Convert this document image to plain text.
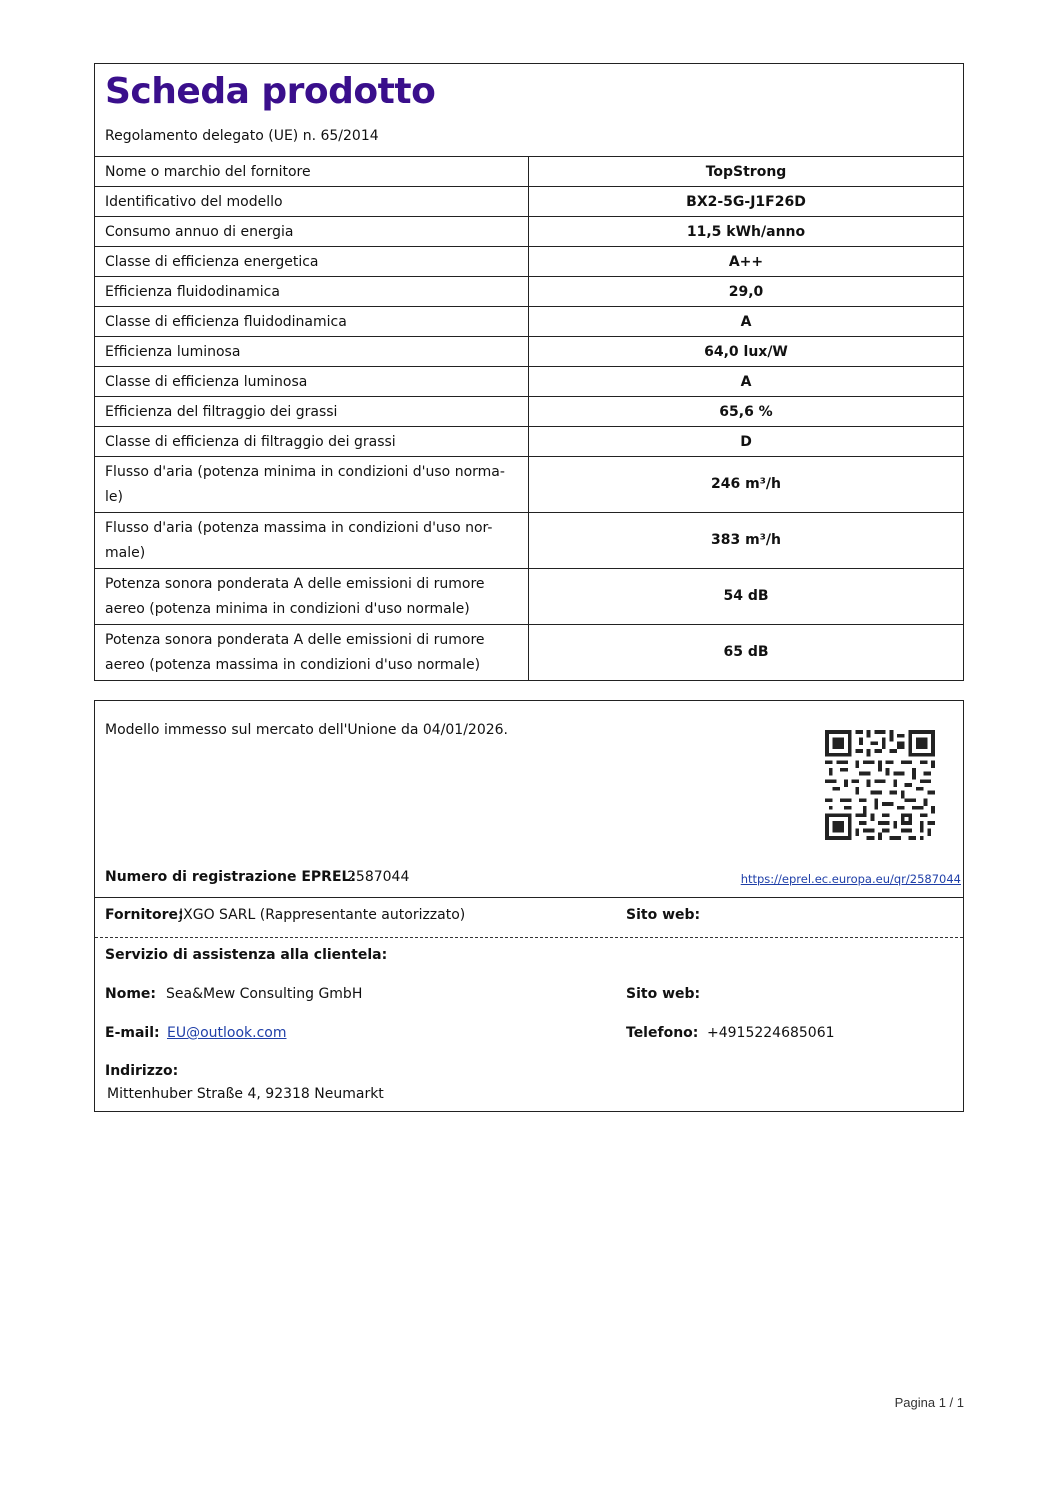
Scheda prodotto
Regolamento delegato (UE) n. 65/2014
Nome o marchio del fornitore	TopStrong
Identificativo del modello	BX2-5G-J1F26D
Consumo annuo di energia	11,5 kWh/anno
Classe di efficienza energetica	A++
Efficienza fluidodinamica	29,0
Classe di efficienza fluidodinamica	A
Efficienza luminosa	64,0 lux/W
Classe di efficienza luminosa	A
Efficienza del filtraggio dei grassi	65,6 %
Classe di efficienza di filtraggio dei grassi	D

Flusso d'aria (potenza minima in condizioni d'uso norma-
le)	246 m³/h

Flusso d'aria (potenza massima in condizioni d'uso nor-
male)	383 m³/h

Potenza sonora ponderata A delle emissioni di rumore
aereo (potenza minima in condizioni d'uso normale)	54 dB

Potenza sonora ponderata A delle emissioni di rumore
aereo (potenza massima in condizioni d'uso normale)	65 dB
Modello immesso sul mercato dell'Unione da 04/01/2026.
Numero di registrazione EPREL:
2587044	https://eprel.ec.europa.eu/qr/2587044
Fornitore:
JXGO SARL (Rappresentante autorizzato)	Sito web:
Servizio di assistenza alla clientela:
Nome: Sea&Mew Consulting GmbH	Sito web:
E-mail: EU@outlook.com	Telefono: +4915224685061
Indirizzo:
Mittenhuber Straße 4, 92318 Neumarkt
Pagina 1 / 1
